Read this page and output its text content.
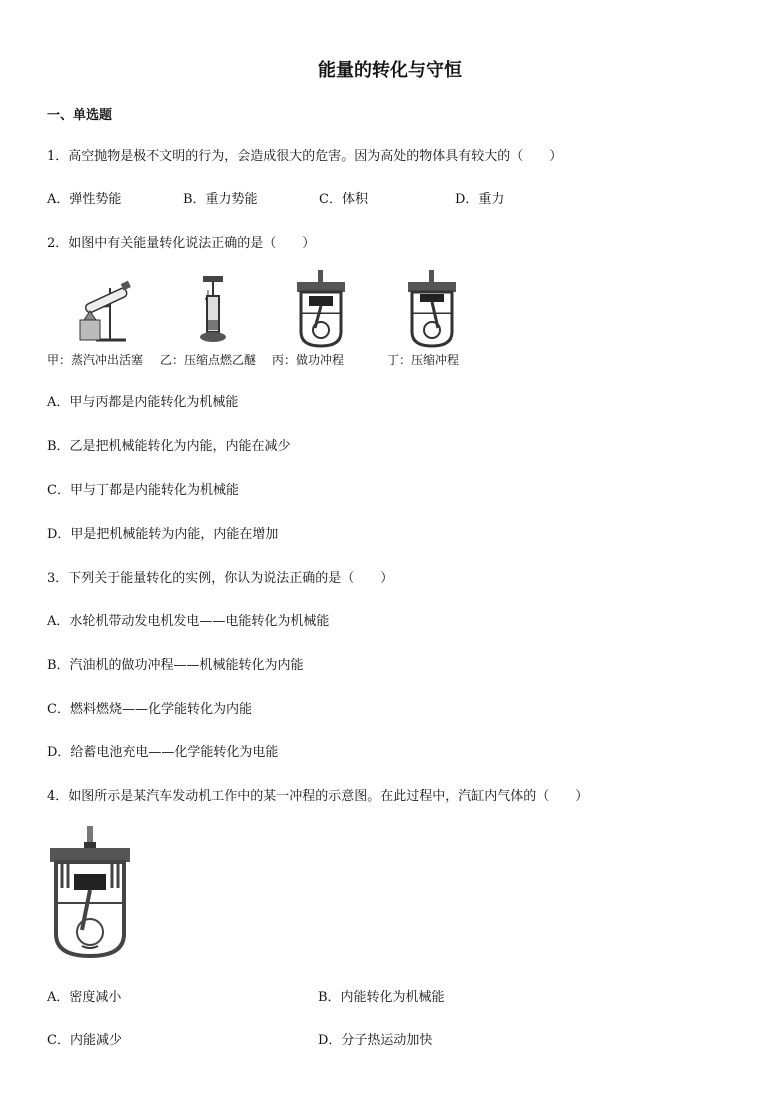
能量的转化与守恒
一、单选题
1．高空抛物是极不文明的行为，会造成很大的危害。因为高处的物体具有较大的（　　）
A．弹性势能	B．重力势能	C．体积	D．重力
2．如图中有关能量转化说法正确的是（　　）
甲：蒸汽冲出活塞 乙：压缩点燃乙醚 丙：做功冲程	丁：压缩冲程
A．甲与丙都是内能转化为机械能
B．乙是把机械能转化为内能，内能在减少
C．甲与丁都是内能转化为机械能
D．甲是把机械能转为内能，内能在增加
3．下列关于能量转化的实例，你认为说法正确的是（　　）
A．水轮机带动发电机发电——电能转化为机械能
B．汽油机的做功冲程——机械能转化为内能
C．燃料燃烧——化学能转化为内能
D．给蓄电池充电——化学能转化为电能
4．如图所示是某汽车发动机工作中的某一冲程的示意图。在此过程中，汽缸内气体的（　　）
A．密度减小	B．内能转化为机械能
C．内能减少	D．分子热运动加快
